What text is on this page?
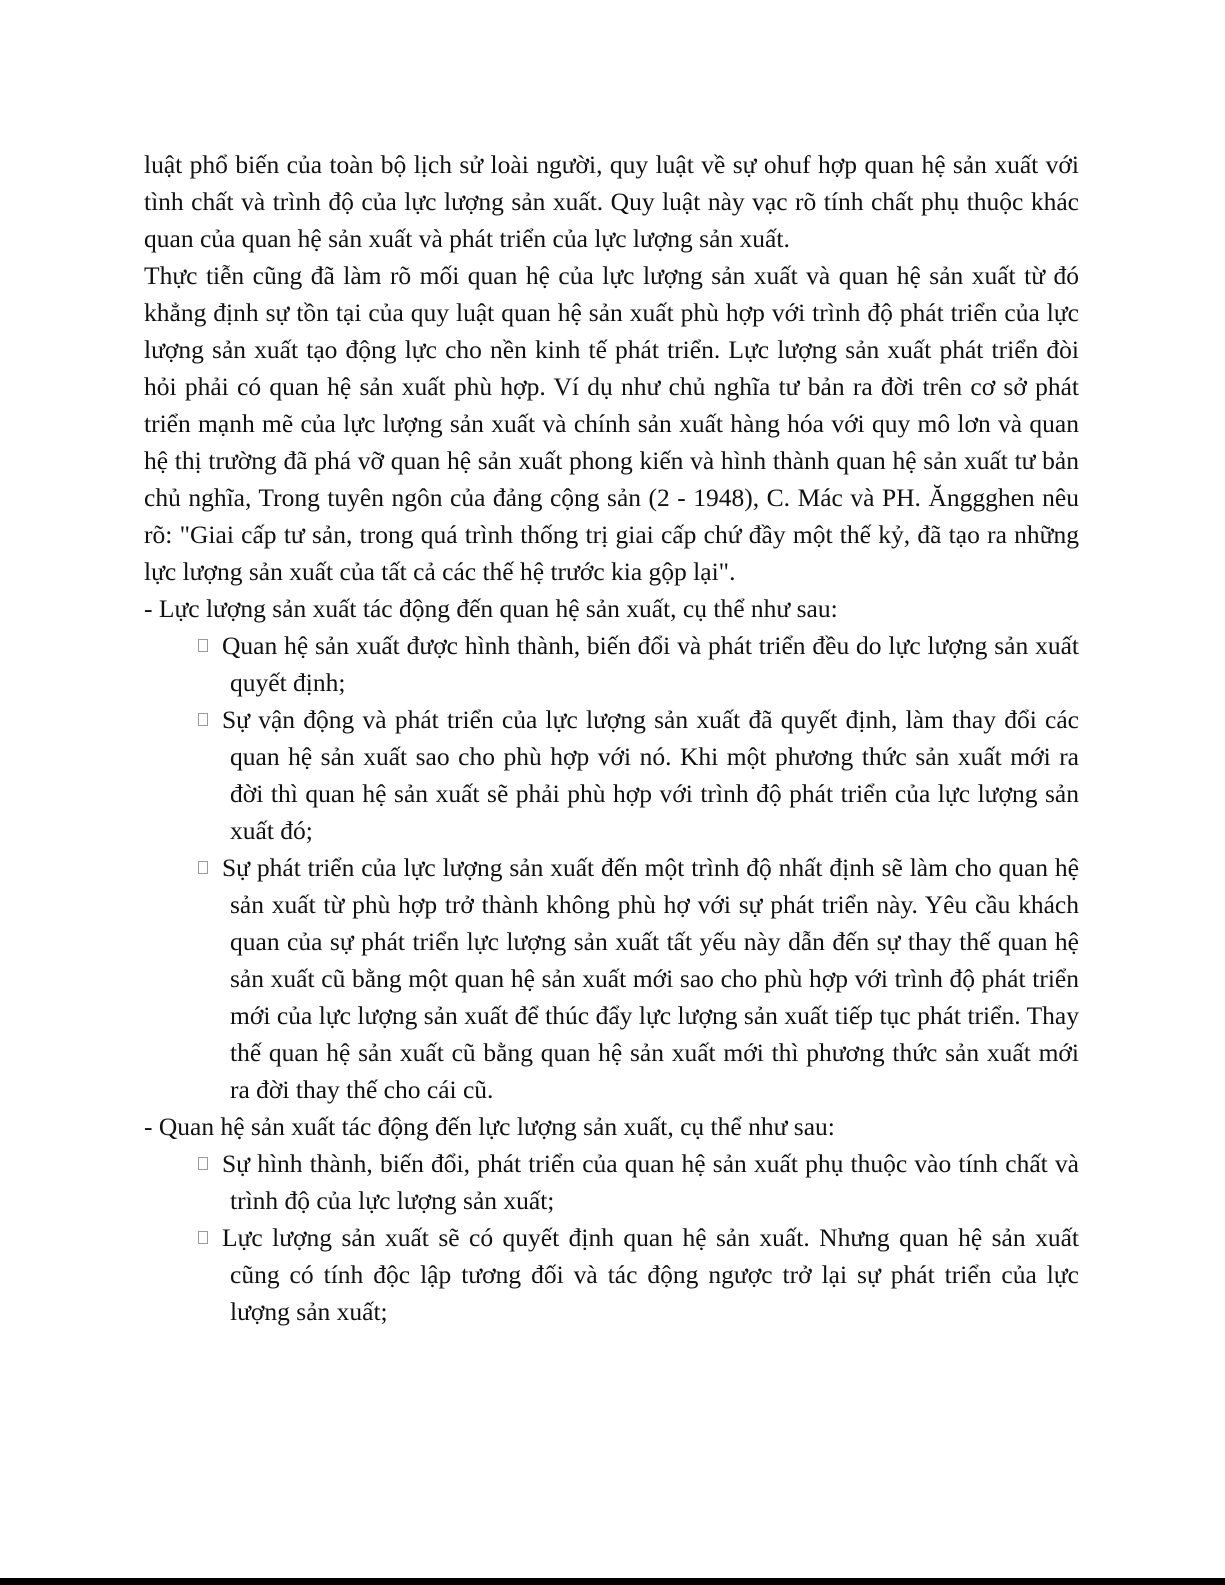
luật phổ biến của toàn bộ lịch sử loài người, quy luật về sự ohuf hợp quan hệ sản xuất với tình chất và trình độ của lực lượng sản xuất. Quy luật này vạc rõ tính chất phụ thuộc khác quan của quan hệ sản xuất và phát triển của lực lượng sản xuất.

Thực tiễn cũng đã làm rõ mối quan hệ của lực lượng sản xuất và quan hệ sản xuất từ đó khẳng định sự tồn tại của quy luật quan hệ sản xuất phù hợp với trình độ phát triển của lực lượng sản xuất tạo động lực cho nền kinh tế phát triển. Lực lượng sản xuất phát triển đòi hỏi phải có quan hệ sản xuất phù hợp. Ví dụ như chủ nghĩa tư bản ra đời trên cơ sở phát triển mạnh mẽ của lực lượng sản xuất và chính sản xuất hàng hóa với quy mô lơn và quan hệ thị trường đã phá vỡ quan hệ sản xuất phong kiến và hình thành quan hệ sản xuất tư bản chủ nghĩa, Trong tuyên ngôn của đảng cộng sản (2 - 1948), C. Mác và PH. Ănggghen nêu rõ: "Giai cấp tư sản, trong quá trình thống trị giai cấp chứ đầy một thế kỷ, đã tạo ra những lực lượng sản xuất của tất cả các thế hệ trước kia gộp lại".

- Lực lượng sản xuất tác động đến quan hệ sản xuất, cụ thể như sau:

Quan hệ sản xuất được hình thành, biến đổi và phát triển đều do lực lượng sản xuất quyết định;
Sự vận động và phát triển của lực lượng sản xuất đã quyết định, làm thay đổi các quan hệ sản xuất sao cho phù hợp với nó. Khi một phương thức sản xuất mới ra đời thì quan hệ sản xuất sẽ phải phù hợp với trình độ phát triển của lực lượng sản xuất đó;
Sự phát triển của lực lượng sản xuất đến một trình độ nhất định sẽ làm cho quan hệ sản xuất từ phù hợp trở thành không phù hợ với sự phát triển này. Yêu cầu khách quan của sự phát triển lực lượng sản xuất tất yếu này dẫn đến sự thay thế quan hệ sản xuất cũ bằng một quan hệ sản xuất mới sao cho phù hợp với trình độ phát triển mới của lực lượng sản xuất để thúc đẩy lực lượng sản xuất tiếp tục phát triển. Thay thế quan hệ sản xuất cũ bằng quan hệ sản xuất mới thì phương thức sản xuất mới ra đời thay thế cho cái cũ.

- Quan hệ sản xuất tác động đến lực lượng sản xuất, cụ thể như sau:

Sự hình thành, biến đổi, phát triển của quan hệ sản xuất phụ thuộc vào tính chất và trình độ của lực lượng sản xuất;
Lực lượng sản xuất sẽ có quyết định quan hệ sản xuất. Nhưng quan hệ sản xuất cũng có tính độc lập tương đối và tác động ngược trở lại sự phát triển của lực lượng sản xuất;
